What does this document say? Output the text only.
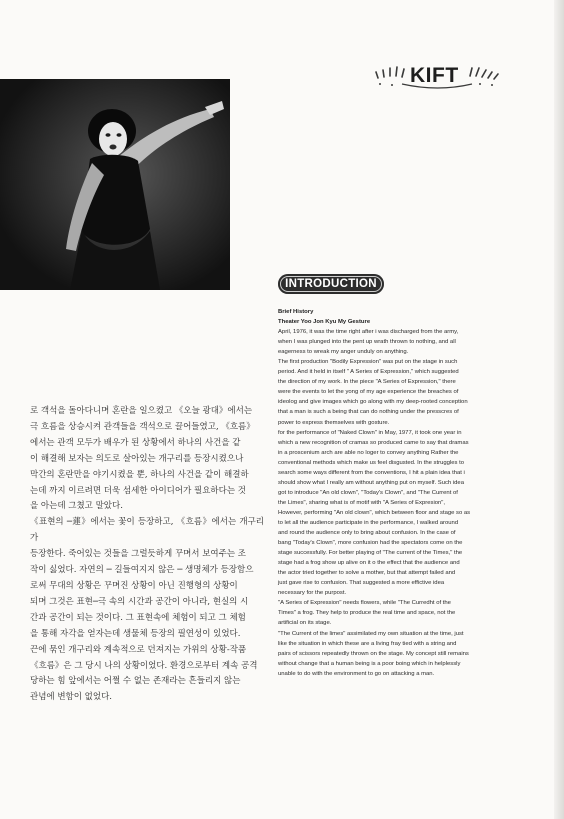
KIFT
INTRODUCTION
로 객석을 돌아다니며 혼란을 일으켰고 《오늘 광대》에서는
극 흐름을 상승시켜 관객들을 객석으로 끌어들였고, 《흐름》
에서는 관객 모두가 배우가 된 상황에서 하나의 사건을 같
이 해결해 보자는 의도로 살아있는 개구리를 등장시켰으나
막간의 혼란만을 야기시켰을 뿐, 하나의 사건을 같이 해결하
는데 까지 이르려면 더욱 섬세한 아이디어가 필요하다는 것
을 아는데 그쳤고 말았다.
《표현의 ─蓮》에서는 꽃이 등장하고, 《흐름》에서는 개구리가
등장한다. 죽어있는 것들을 그럴듯하게 꾸며서 보여주는 조
작이 싫었다. 자연의 ─ 길들여지지 않은 ─ 생명체가 등장함으
로써 무대의 상황은 꾸며진 상황이 아닌 진행형의 상황이
되며 그것은 표현─극 속의 시간과 공간이 아니라, 현실의 시
간과 공간이 되는 것이다. 그 표현속에 체험이 되고 그 체험
을 통해 자각을 얻자는데 생물체 등장의 필연성이 있었다.
끈에 묶인 개구리와 계속적으로 던져지는 가위의 상황-작품
《흐름》은 그 당시 나의 상황이었다. 환경으로부터 계속 공격
당하는 힘 앞에서는 어쩔 수 없는 존재라는 흔들리지 않는
관념에 변함이 없었다.

Brief History

Theater Yoo Jon Kyu My Gesture

April, 1976, it was the time right after i was discharged from the army,
when I was plunged into the pent up wrath thrown to nothing, and all
eagerness to wreak my anger unduly on anything.

The first production "Bodily Expression" was put on the stage in such
period. And it held in itself " A Series of Expression," which suggested
the direction of my work. In the piece "A Series of Expression," there
were the events to let the yong of my age experience the breaches of
ideolog and give images which go along with my deep-rooted conception
that a man is such a being that can do nothing under the presscres of
power to express themselves with gosture.

for the performance of "Naked Clown" in May, 1977, it took one year in
which a new recognition of cramas so produced came to say that dramas
in a proscenium arch are able no loger to convey anything Rather the
conventional methods which make us feel disgusted. In the struggles to
search some ways different from the conventions, I hit a plain idea that i
should show what I really am without anything put on myself. Such idea
got to introduce "An old clown", "Today's Clown", and "The Current of
the Limes", sharing what is of motif with "A Series of Expresion",
However, performing "An old clown", which between floor and stage so as
to let all the audience participate in the performance, I walked around
and round the audience only to bring about confusion. In the case of
bang "Today's Clown", more confusion had the spectators come on the
stage successfully. For better playing of "The current of the Times," the
stage had a frog show up alive on it o the effect that the audience and
the actor tried together to solve a mother, but that attempt failed and
just gave rise to confusion. That suggested a more effictive idea
necessary for the purpost.

"A Series of Expression" needs flowers, while "The Curredht of the
Times" a frog. They help to produce the real time and space, not the
artificial on its stage.

"The Current of the limes" assimilated my own situation at the time, just
like the situation in which these are a living fray tied with a string and
pairs of scissors repeatedly thrown on the stage. My concept still remains
without change that a human being is a poor boing which in helplessly
unable to do with the environment to go on attacking a man.
